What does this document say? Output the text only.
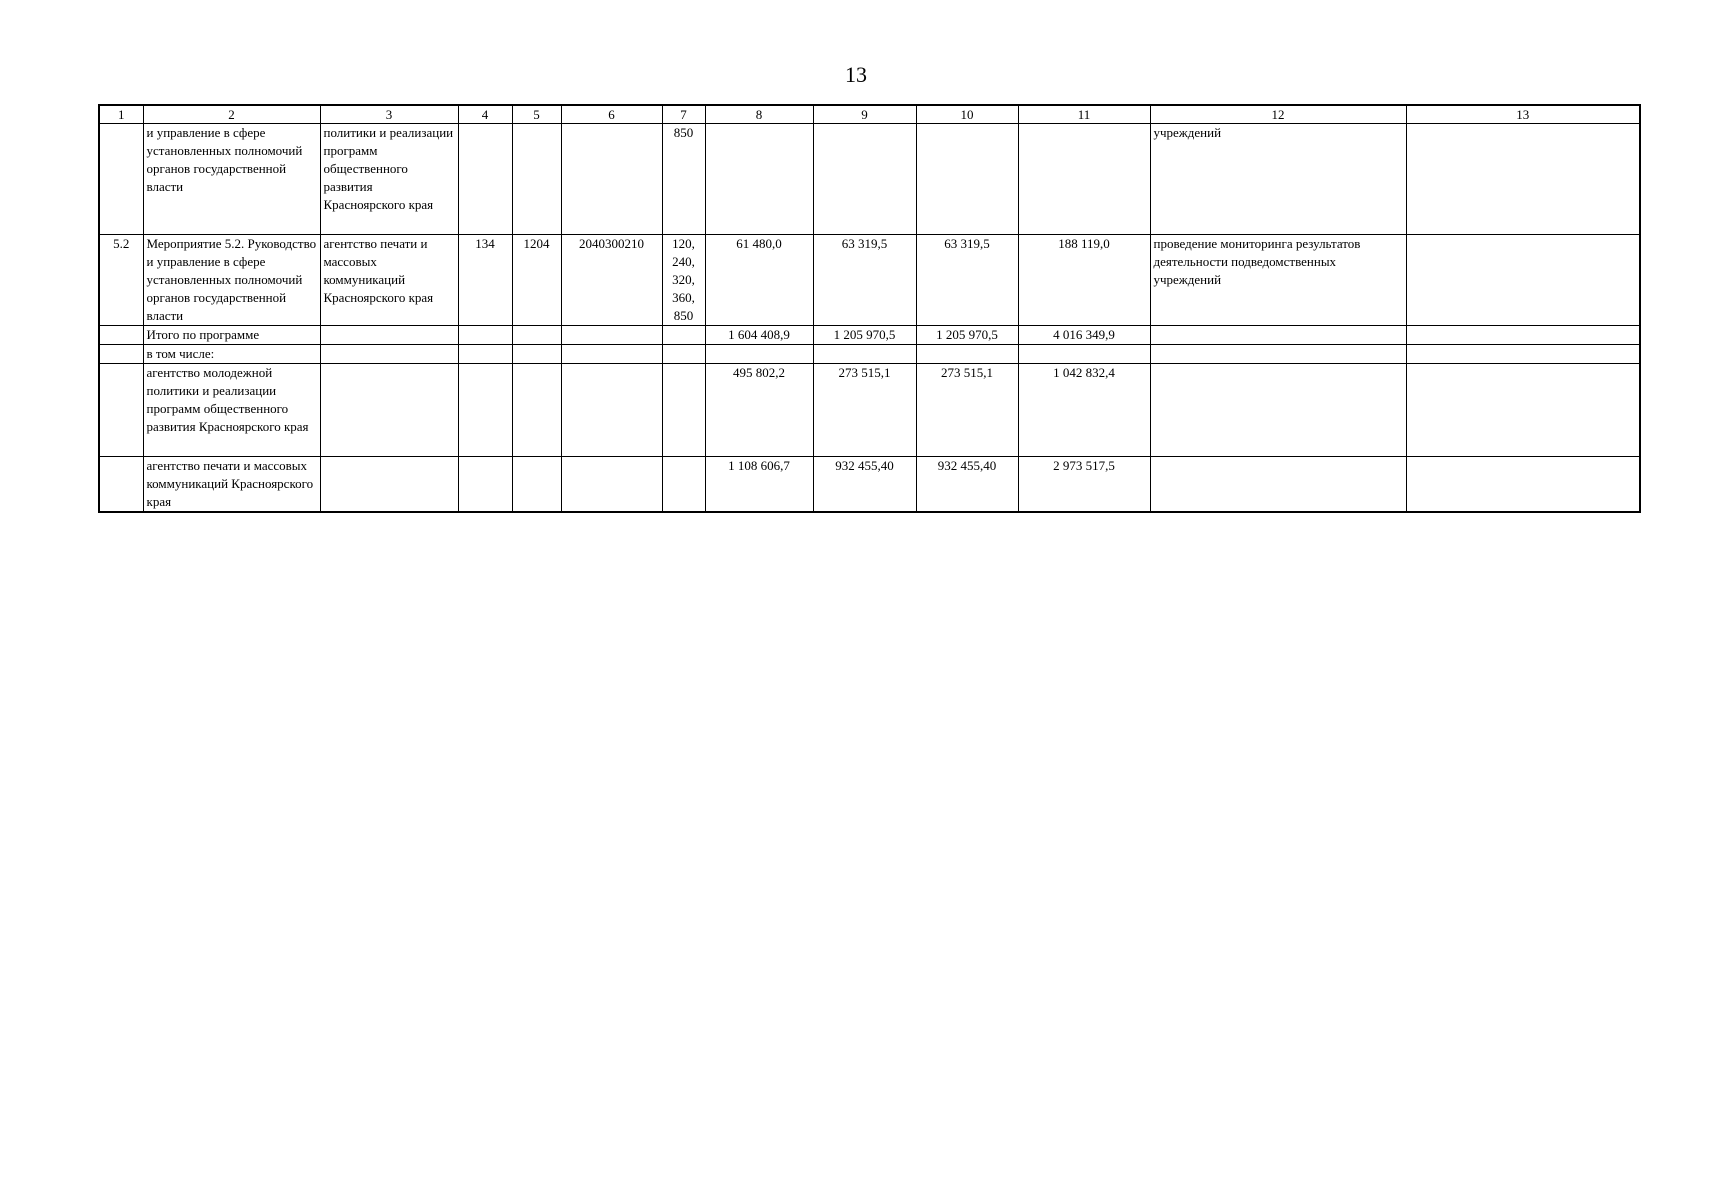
13
1	2	3	4	5	6	7	8	9	10	11	12	13
	и управление в сфере установленных полномочий органов государственной власти	политики и реализации программ общественного развития Красноярского края				850					учреждений	
5.2	Мероприятие 5.2. Руководство и управление в сфере установленных полномочий органов государственной власти	агентство печати и массовых коммуникаций Красноярского края	134	1204	2040300210	120, 240, 320, 360, 850	61 480,0	63 319,5	63 319,5	188 119,0	проведение мониторинга результатов деятельности подведомственных учреждений	
	Итого по программе						1 604 408,9	1 205 970,5	1 205 970,5	4 016 349,9		
	в том числе:											
	агентство молодежной политики и реализации программ общественного развития Красноярского края						495 802,2	273 515,1	273 515,1	1 042 832,4		
	агентство печати и массовых коммуникаций Красноярского края						1 108 606,7	932 455,40	932 455,40	2 973 517,5		
